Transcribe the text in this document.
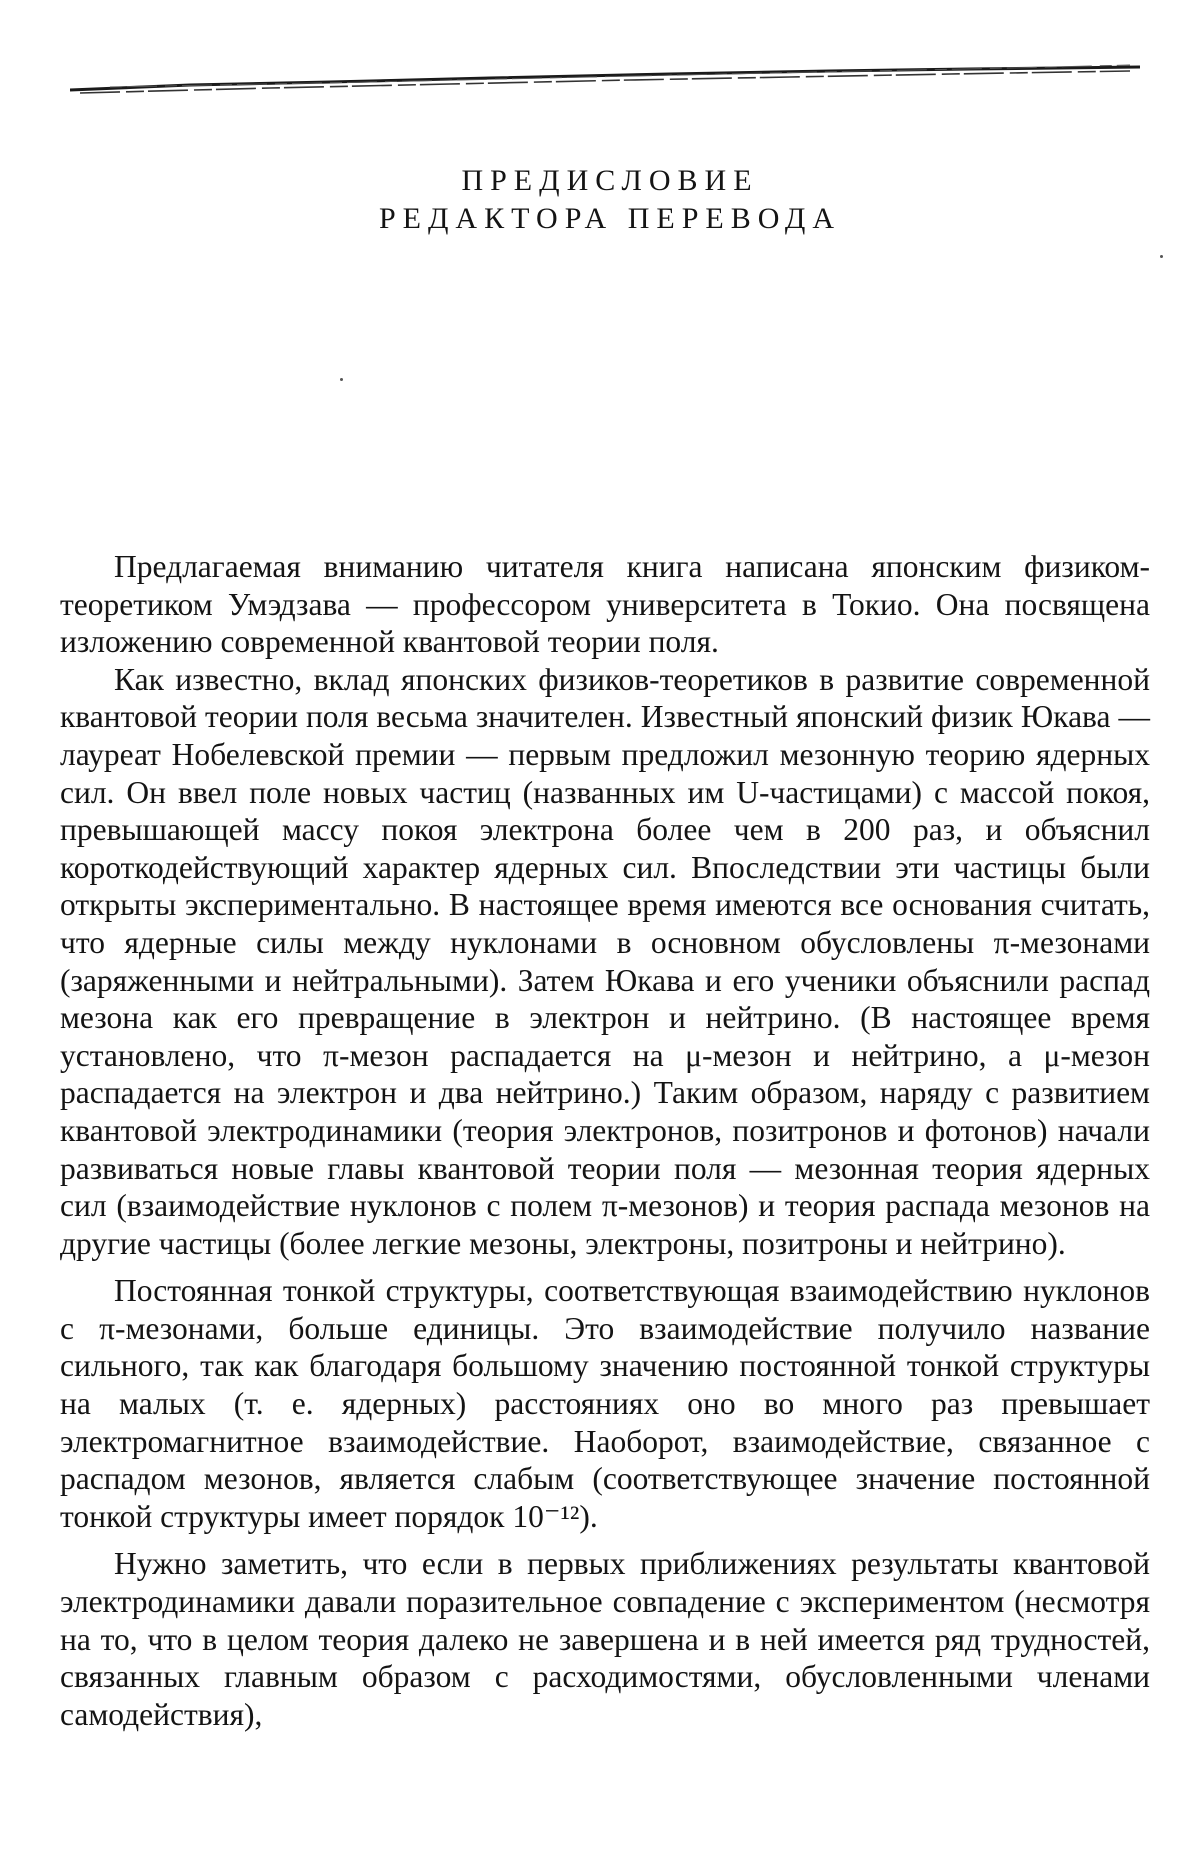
ПРЕДИСЛОВИЕ
РЕДАКТОРА ПЕРЕВОДА

Предлагаемая вниманию читателя книга написана японским физиком-теоретиком Умэдзава — профессором университета в Токио. Она посвящена изложению современной квантовой теории поля.

Как известно, вклад японских физиков-теоретиков в развитие современной квантовой теории поля весьма значителен. Известный японский физик Юкава — лауреат Нобелевской премии — первым предложил мезонную теорию ядерных сил. Он ввел поле новых частиц (названных им U-частицами) с массой покоя, превышающей массу покоя электрона более чем в 200 раз, и объяснил короткодействующий характер ядерных сил. Впоследствии эти частицы были открыты экспериментально. В настоящее время имеются все основания считать, что ядерные силы между нуклонами в основном обусловлены π-мезонами (заряженными и нейтральными). Затем Юкава и его ученики объяснили распад мезона как его превращение в электрон и нейтрино. (В настоящее время установлено, что π-мезон распадается на μ-мезон и нейтрино, а μ-мезон распадается на электрон и два нейтрино.) Таким образом, наряду с развитием квантовой электродинамики (теория электронов, позитронов и фотонов) начали развиваться новые главы квантовой теории поля — мезонная теория ядерных сил (взаимодействие нуклонов с полем π-мезонов) и теория распада мезонов на другие частицы (более легкие мезоны, электроны, позитроны и нейтрино).

Постоянная тонкой структуры, соответствующая взаимодействию нуклонов с π-мезонами, больше единицы. Это взаимодействие получило название сильного, так как благодаря большому значению постоянной тонкой структуры на малых (т. е. ядерных) расстояниях оно во много раз превышает электромагнитное взаимодействие. Наоборот, взаимодействие, связанное с распадом мезонов, является слабым (соответствующее значение постоянной тонкой структуры имеет порядок 10⁻¹²).

Нужно заметить, что если в первых приближениях результаты квантовой электродинамики давали поразительное совпадение с экспериментом (несмотря на то, что в целом теория далеко не завершена и в ней имеется ряд трудностей, связанных главным образом с расходимостями, обусловленными членами самодействия),
